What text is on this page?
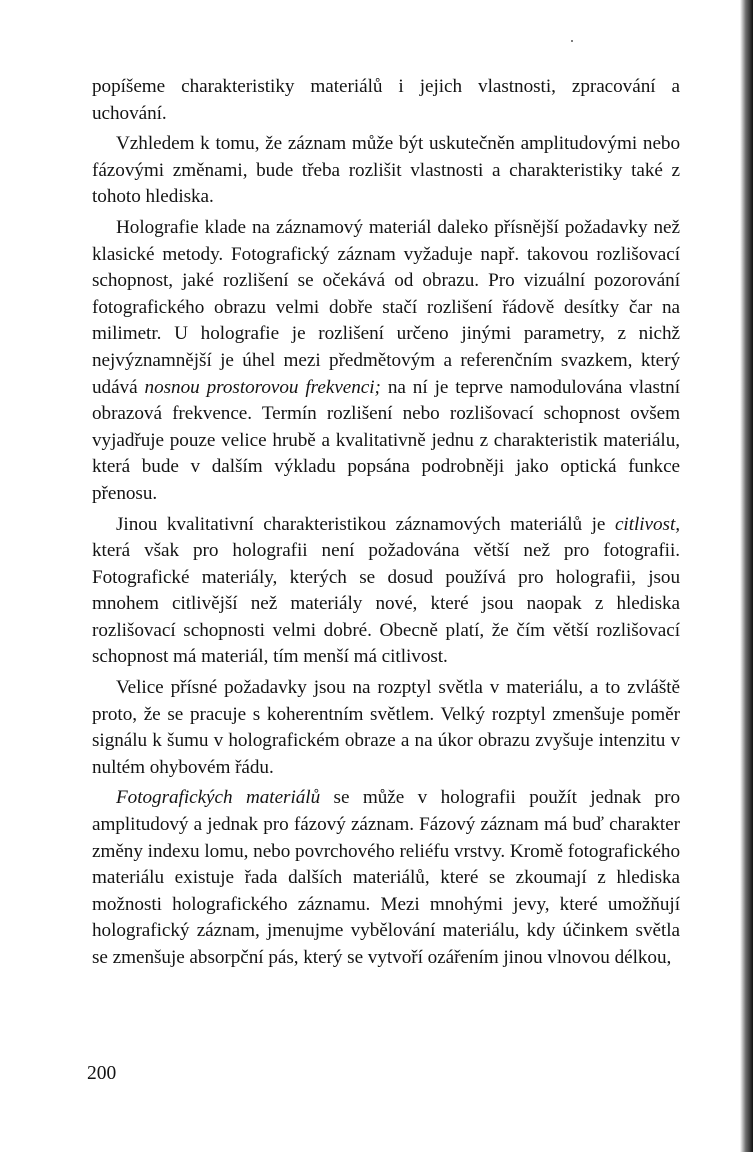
popíšeme charakteristiky materiálů i jejich vlastnosti, zpracování a uchování.

Vzhledem k tomu, že záznam může být uskutečněn amplitudovými nebo fázovými změnami, bude třeba rozlišit vlastnosti a charakteristiky také z tohoto hlediska.

Holografie klade na záznamový materiál daleko přísnější požadavky než klasické metody. Fotografický záznam vyžaduje např. takovou rozlišovací schopnost, jaké rozlišení se očekává od obrazu. Pro vizuální pozorování fotografického obrazu velmi dobře stačí rozlišení řádově desítky čar na milimetr. U holografie je rozlišení určeno jinými parametry, z nichž nejvýznamnější je úhel mezi předmětovým a referenčním svazkem, který udává nosnou prostorovou frekvenci; na ní je teprve namodulována vlastní obrazová frekvence. Termín rozlišení nebo rozlišovací schopnost ovšem vyjadřuje pouze velice hrubě a kvalitativně jednu z charakteristik materiálu, která bude v dalším výkladu popsána podrobněji jako optická funkce přenosu.

Jinou kvalitativní charakteristikou záznamových materiálů je citlivost, která však pro holografii není požadována větší než pro fotografii. Fotografické materiály, kterých se dosud používá pro holografii, jsou mnohem citlivější než materiály nové, které jsou naopak z hlediska rozlišovací schopnosti velmi dobré. Obecně platí, že čím větší rozlišovací schopnost má materiál, tím menší má citlivost.

Velice přísné požadavky jsou na rozptyl světla v materiálu, a to zvláště proto, že se pracuje s koherentním světlem. Velký rozptyl zmenšuje poměr signálu k šumu v holografickém obraze a na úkor obrazu zvyšuje intenzitu v nultém ohybovém řádu.

Fotografických materiálů se může v holografii použít jednak pro amplitudový a jednak pro fázový záznam. Fázový záznam má buď charakter změny indexu lomu, nebo povrchového reliéfu vrstvy. Kromě fotografického materiálu existuje řada dalších materiálů, které se zkoumají z hlediska možnosti holografického záznamu. Mezi mnohými jevy, které umožňují holografický záznam, jmenujme vybělování materiálu, kdy účinkem světla se zmenšuje absorpční pás, který se vytvoří ozářením jinou vlnovou délkou,

200
